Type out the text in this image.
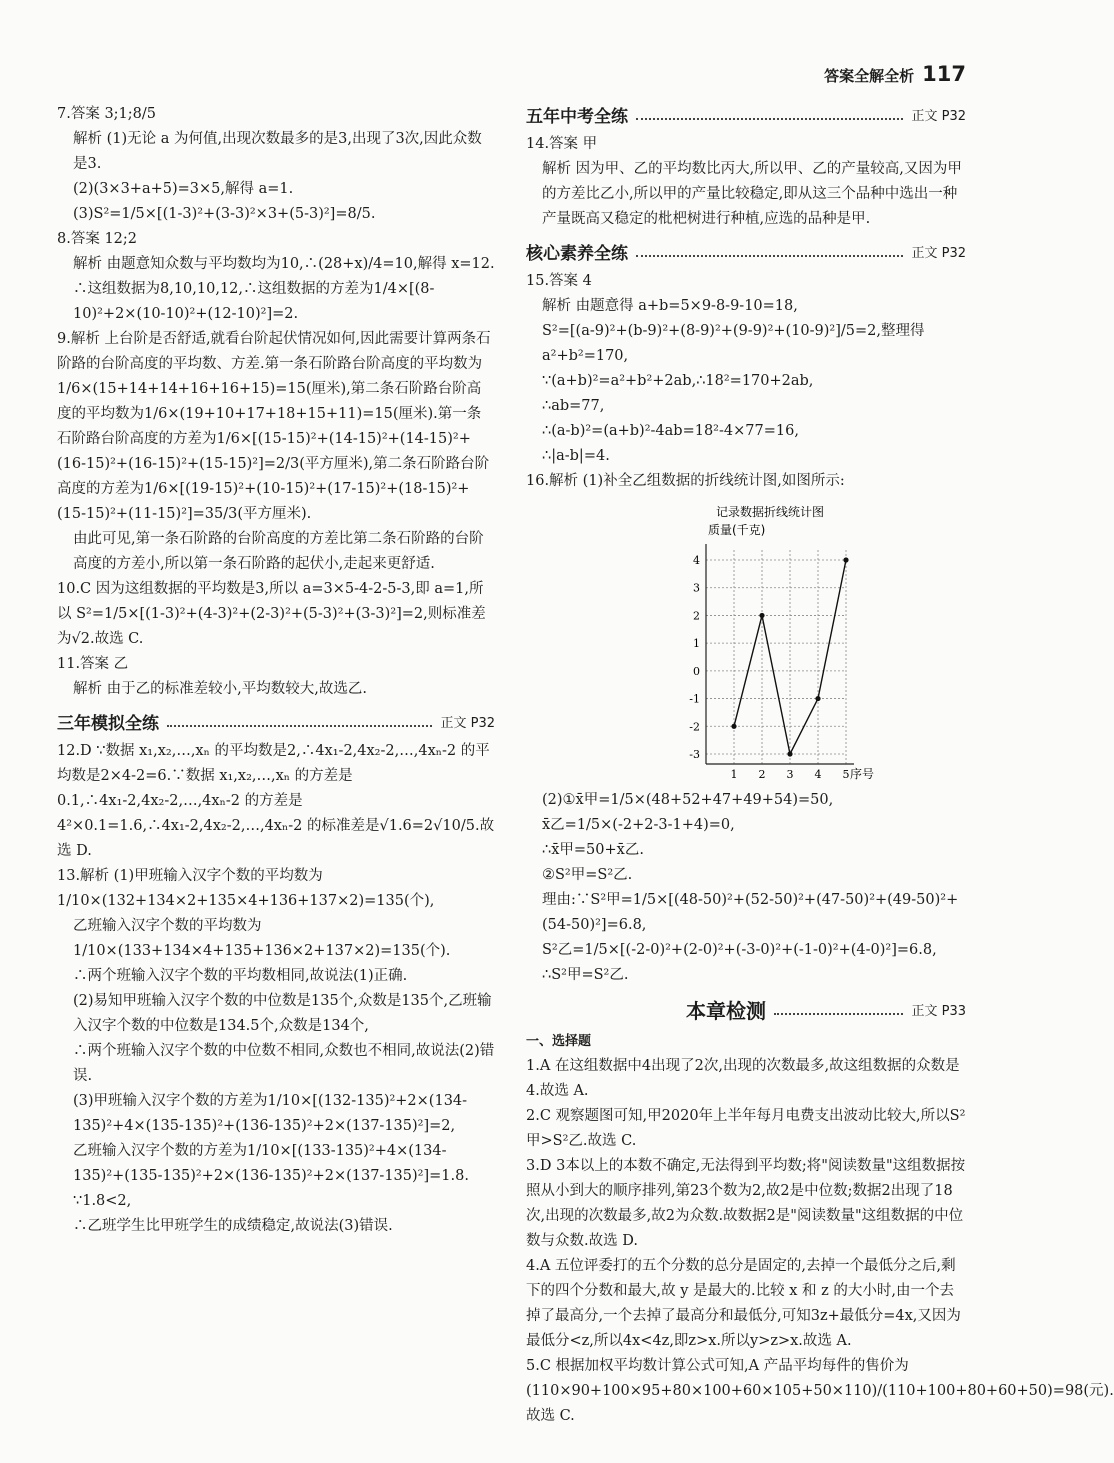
答案全解全析 117

7.答案 3;1;8/5

解析 (1)无论 a 为何值,出现次数最多的是3,出现了3次,因此众数是3.

(2)(3×3+a+5)=3×5,解得 a=1.

(3)S²=1/5×[(1-3)²+(3-3)²×3+(5-3)²]=8/5.

8.答案 12;2

解析 由题意知众数与平均数均为10,∴(28+x)/4=10,解得 x=12.

∴这组数据为8,10,10,12,∴这组数据的方差为1/4×[(8-10)²+2×(10-10)²+(12-10)²]=2.

9.解析 上台阶是否舒适,就看台阶起伏情况如何,因此需要计算两条石阶路的台阶高度的平均数、方差.第一条石阶路台阶高度的平均数为1/6×(15+14+14+16+16+15)=15(厘米),第二条石阶路台阶高度的平均数为1/6×(19+10+17+18+15+11)=15(厘米).第一条石阶路台阶高度的方差为1/6×[(15-15)²+(14-15)²+(14-15)²+(16-15)²+(16-15)²+(15-15)²]=2/3(平方厘米),第二条石阶路台阶高度的方差为1/6×[(19-15)²+(10-15)²+(17-15)²+(18-15)²+(15-15)²+(11-15)²]=35/3(平方厘米).

由此可见,第一条石阶路的台阶高度的方差比第二条石阶路的台阶高度的方差小,所以第一条石阶路的起伏小,走起来更舒适.

10.C 因为这组数据的平均数是3,所以 a=3×5-4-2-5-3,即 a=1,所以 S²=1/5×[(1-3)²+(4-3)²+(2-3)²+(5-3)²+(3-3)²]=2,则标准差为√2.故选 C.

11.答案 乙

解析 由于乙的标准差较小,平均数较大,故选乙.

三年模拟全练	正文 P32

12.D ∵数据 x₁,x₂,…,xₙ 的平均数是2,∴4x₁-2,4x₂-2,…,4xₙ-2 的平均数是2×4-2=6.∵数据 x₁,x₂,…,xₙ 的方差是0.1,∴4x₁-2,4x₂-2,…,4xₙ-2 的方差是4²×0.1=1.6,∴4x₁-2,4x₂-2,…,4xₙ-2 的标准差是√1.6=2√10/5.故选 D.

13.解析 (1)甲班输入汉字个数的平均数为1/10×(132+134×2+135×4+136+137×2)=135(个),

乙班输入汉字个数的平均数为1/10×(133+134×4+135+136×2+137×2)=135(个).

∴两个班输入汉字个数的平均数相同,故说法(1)正确.

(2)易知甲班输入汉字个数的中位数是135个,众数是135个,乙班输入汉字个数的中位数是134.5个,众数是134个,

∴两个班输入汉字个数的中位数不相同,众数也不相同,故说法(2)错误.

(3)甲班输入汉字个数的方差为1/10×[(132-135)²+2×(134-135)²+4×(135-135)²+(136-135)²+2×(137-135)²]=2,

乙班输入汉字个数的方差为1/10×[(133-135)²+4×(134-135)²+(135-135)²+2×(136-135)²+2×(137-135)²]=1.8.

∵1.8<2,

∴乙班学生比甲班学生的成绩稳定,故说法(3)错误.

五年中考全练	正文 P32

14.答案 甲

解析 因为甲、乙的平均数比丙大,所以甲、乙的产量较高,又因为甲的方差比乙小,所以甲的产量比较稳定,即从这三个品种中选出一种产量既高又稳定的枇杷树进行种植,应选的品种是甲.

核心素养全练	正文 P32

15.答案 4

解析 由题意得 a+b=5×9-8-9-10=18,

S²=[(a-9)²+(b-9)²+(8-9)²+(9-9)²+(10-9)²]/5=2,整理得 a²+b²=170,

∵(a+b)²=a²+b²+2ab,∴18²=170+2ab,

∴ab=77,

∴(a-b)²=(a+b)²-4ab=18²-4×77=16,

∴|a-b|=4.

16.解析 (1)补全乙组数据的折线统计图,如图所示:

记录数据折线统计图
质量(千克)
-3
-2
-1
0
1
2
3
4
1 2 3 4 5 序号

(2)①x̄甲=1/5×(48+52+47+49+54)=50,

x̄乙=1/5×(-2+2-3-1+4)=0,

∴x̄甲=50+x̄乙.

②S²甲=S²乙.

理由:∵S²甲=1/5×[(48-50)²+(52-50)²+(47-50)²+(49-50)²+(54-50)²]=6.8,

S²乙=1/5×[(-2-0)²+(2-0)²+(-3-0)²+(-1-0)²+(4-0)²]=6.8,

∴S²甲=S²乙.

本章检测	正文 P33

一、选择题

1.A 在这组数据中4出现了2次,出现的次数最多,故这组数据的众数是4.故选 A.

2.C 观察题图可知,甲2020年上半年每月电费支出波动比较大,所以S²甲>S²乙.故选 C.

3.D 3本以上的本数不确定,无法得到平均数;将"阅读数量"这组数据按照从小到大的顺序排列,第23个数为2,故2是中位数;数据2出现了18次,出现的次数最多,故2为众数.故数据2是"阅读数量"这组数据的中位数与众数.故选 D.

4.A 五位评委打的五个分数的总分是固定的,去掉一个最低分之后,剩下的四个分数和最大,故 y 是最大的.比较 x 和 z 的大小时,由一个去掉了最高分,一个去掉了最高分和最低分,可知3z+最低分=4x,又因为最低分<z,所以4x<4z,即z>x.所以y>z>x.故选 A.

5.C 根据加权平均数计算公式可知,A 产品平均每件的售价为(110×90+100×95+80×100+60×105+50×110)/(110+100+80+60+50)=98(元).故选 C.
